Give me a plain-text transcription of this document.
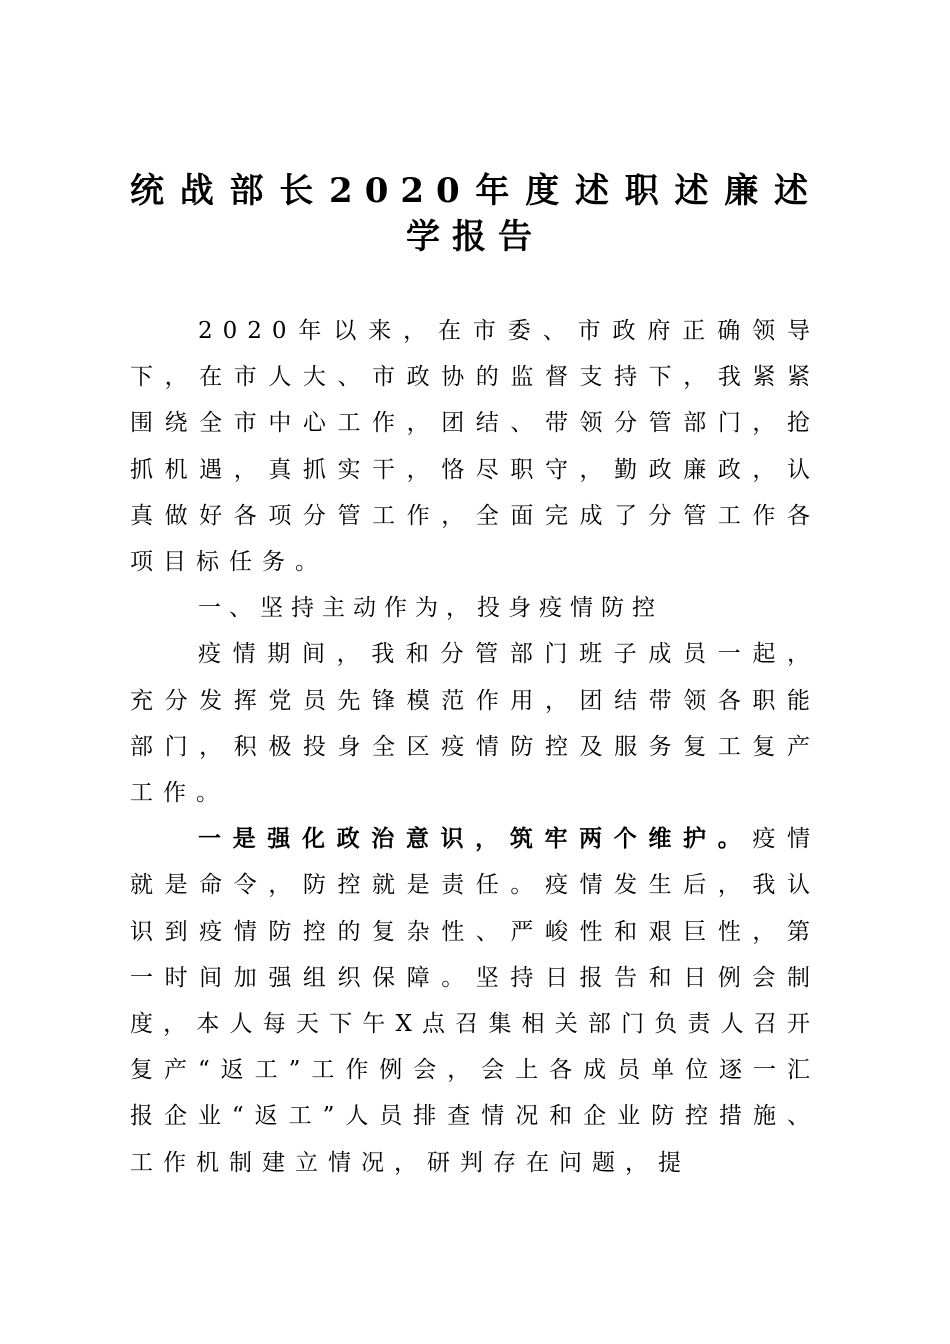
统战部长2020年度述职述廉述学报告

2020年以来，在市委、市政府正确领导下，在市人大、市政协的监督支持下，我紧紧围绕全市中心工作，团结、带领分管部门，抢抓机遇，真抓实干，恪尽职守，勤政廉政，认真做好各项分管工作，全面完成了分管工作各项目标任务。

一、坚持主动作为，投身疫情防控

疫情期间，我和分管部门班子成员一起，充分发挥党员先锋模范作用，团结带领各职能部门，积极投身全区疫情防控及服务复工复产工作。

一是强化政治意识，筑牢两个维护。疫情就是命令，防控就是责任。疫情发生后，我认识到疫情防控的复杂性、严峻性和艰巨性，第一时间加强组织保障。坚持日报告和日例会制度，本人每天下午X点召集相关部门负责人召开复产“返工”工作例会，会上各成员单位逐一汇报企业“返工”人员排查情况和企业防控措施、工作机制建立情况，研判存在问题，提
